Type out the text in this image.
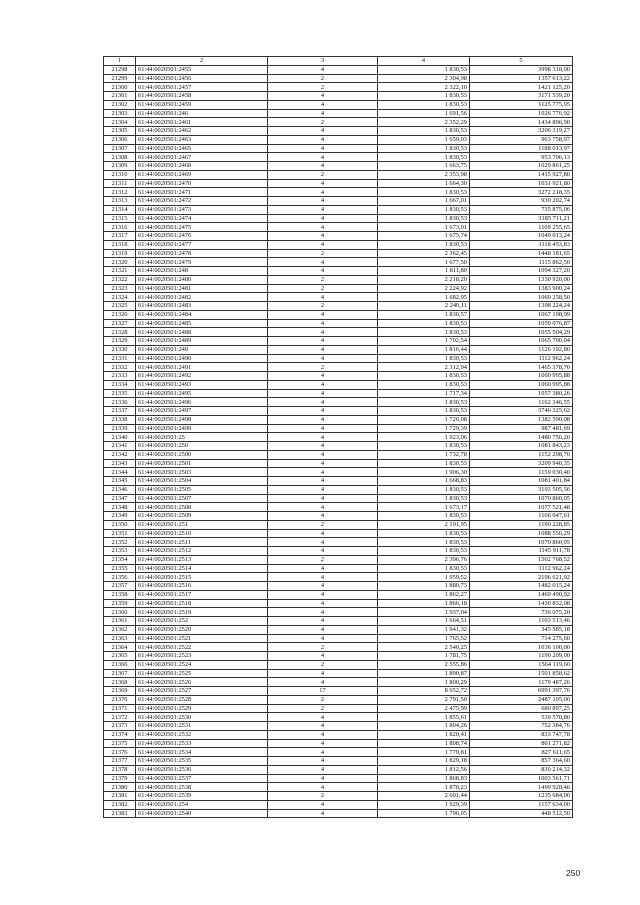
1	2	3	4	5
21298	61:44:0020501:2455	4	1 830,53	3998 318,00
21299	61:44:0020501:2456	2	2 304,98	1357 613,22
21300	61:44:0020501:2457	2	2 322,10	1421 125,20
21301	61:44:0020501:2458	4	1 830,53	3171 539,20
21302	61:44:0020501:2459	4	1 830,53	1125 775,95
21303	61:44:0020501:246	4	1 691,56	1026 776,92
21304	61:44:0020501:2461	2	2 352,29	1434 896,90
21305	61:44:0020501:2462	4	1 830,53	3206 319,27
21306	61:44:0020501:2463	4	1 659,03	963 758,97
21307	61:44:0020501:2465	4	1 830,53	1188 013,97
21308	61:44:0020501:2467	4	1 830,53	953 706,13
21309	61:44:0020501:2468	4	1 663,75	1029 861,25
21310	61:44:0020501:2469	2	2 353,98	1415 927,80
21311	61:44:0020501:2470	4	1 664,30	1031 921,80
21312	61:44:0020501:2471	4	1 830,53	3272 218,35
21313	61:44:0020501:2472	4	1 667,01	930 202,74
21314	61:44:0020501:2473	4	1 830,53	735 875,06
21315	61:44:0020501:2474	4	1 830,53	3185 711,21
21316	61:44:0020501:2475	4	1 673,01	1109 255,65
21317	61:44:0020501:2476	4	1 675,74	1049 013,24
21318	61:44:0020501:2477	4	1 830,53	1118 453,83
21319	61:44:0020501:2478	2	2 362,45	1448 181,65
21320	61:44:0020501:2479	4	1 677,50	1115 862,50
21321	61:44:0020501:248	4	1 811,80	1094 327,20
21322	61:44:0020501:2480	2	2 218,20	1330 920,00
21323	61:44:0020501:2481	2	2 224,92	1383 900,24
21324	61:44:0020501:2482	4	1 682,95	1060 258,50
21325	61:44:0020501:2483	2	2 240,11	1398 224,24
21326	61:44:0020501:2484	4	1 830,57	1067 198,99
21327	61:44:0020501:2485	4	1 830,53	1059 076,87
21328	61:44:0020501:2488	4	1 830,53	1055 504,29
21329	61:44:0020501:2489	4	1 702,54	1065 790,04
21330	61:44:0020501:249	4	1 816,44	1126 192,80
21331	61:44:0020501:2490	4	1 830,53	1112 962,24
21332	61:44:0020501:2491	2	2 312,94	1465 378,70
21333	61:44:0020501:2492	4	1 830,53	1060 995,88
21334	61:44:0020501:2493	4	1 830,53	1060 995,88
21335	61:44:0020501:2495	4	1 717,34	1057 380,26
21336	61:44:0020501:2496	4	1 830,53	1162 346,55
21337	61:44:0020501:2497	4	1 830,53	3746 325,62
21338	61:44:0020501:2498	4	1 726,08	1382 590,08
21339	61:44:0020501:2499	4	1 729,39	987 481,69
21340	61:44:0020501:25	4	1 923,06	1480 756,20
21341	61:44:0020501:250	4	1 830,53	1081 843,23
21342	61:44:0020501:2500	4	1 732,78	1152 298,70
21343	61:44:0020501:2501	4	1 830,53	3209 940,35
21344	61:44:0020501:2503	4	1 906,30	1159 030,40
21345	61:44:0020501:2504	4	1 668,83	1081 401,84
21346	61:44:0020501:2505	4	1 830,53	3193 505,56
21347	61:44:0020501:2507	4	1 830,53	1070 860,05
21348	61:44:0020501:2508	4	1 673,17	1077 521,48
21349	61:44:0020501:2509	4	1 830,53	1166 047,61
21350	61:44:0020501:251	2	2 191,95	1190 228,85
21351	61:44:0020501:2510	4	1 830,53	1088 556,29
21352	61:44:0020501:2511	4	1 830,53	1070 860,05
21353	61:44:0020501:2512	4	1 830,53	1145 911,78
21354	61:44:0020501:2513	2	2 396,76	1502 768,52
21355	61:44:0020501:2514	4	1 830,53	1112 962,24
21356	61:44:0020501:2515	4	1 959,52	2196 621,92
21357	61:44:0020501:2516	4	1 880,73	1482 015,24
21358	61:44:0020501:2517	4	1 862,27	1469 490,92
21359	61:44:0020501:2518	4	1 866,18	1430 832,08
21360	61:44:0020501:2519	4	1 937,04	736 075,20
21361	61:44:0020501:252	4	1 664,51	1103 513,46
21362	61:44:0020501:2520	4	1 941,32	345 585,18
21363	61:44:0020501:2521	4	1 765,52	714 275,60
21364	61:44:0020501:2522	2	2 540,25	1036 100,00
21365	61:44:0020501:2523	4	1 781,75	1190 209,00
21366	61:44:0020501:2524	2	2 555,86	1564 119,60
21367	61:44:0020501:2525	4	1 890,87	1501 858,62
21368	61:44:0020501:2526	4	1 800,29	1179 487,26
21369	61:44:0020501:2527	17	8 652,72	6991 397,76
21370	61:44:0020501:2528	2	2 791,50	2487 105,00
21371	61:44:0020501:2529	2	2 475,99	680 897,25
21372	61:44:0020501:2530	4	1 855,61	539 570,80
21373	61:44:0020501:2531	4	1 804,26	752 384,76
21374	61:44:0020501:2532	4	1 820,41	833 747,78
21375	61:44:0020501:2533	4	1 808,74	801 271,82
21376	61:44:0020501:2534	4	1 779,81	827 611,65
21377	61:44:0020501:2535	4	1 829,18	857 364,60
21378	61:44:0020501:2536	4	1 812,56	830 214,32
21379	61:44:0020501:2537	4	1 868,83	1003 561,71
21380	61:44:0020501:2538	4	1 870,23	1499 928,46
21381	61:44:0020501:2539	2	2 601,44	1235 684,00
21382	61:44:0020501:254	4	1 929,39	1157 634,00
21383	61:44:0020501:2540	4	1 790,05	448 512,50
250
